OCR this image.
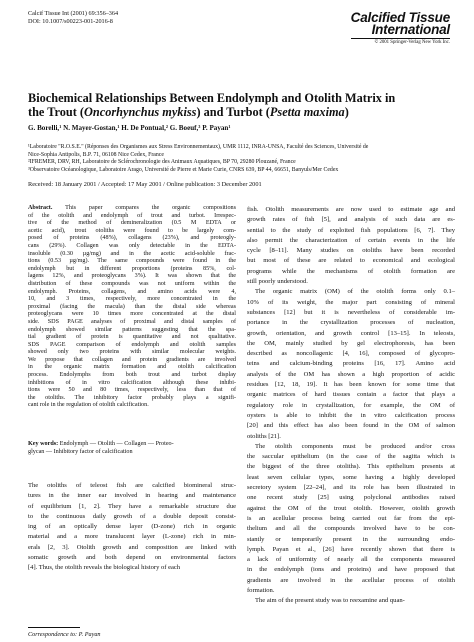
Calcif Tissue Int (2001) 69:356–364
DOI: 10.1007/s00223-001-2016-8	Calcified Tissue
International
© 2001 Springer-Verlag New York Inc.
Biochemical Relationships Between Endolymph and Otolith Matrix in
the Trout (Oncorhynchus mykiss) and Turbot (Psetta maxima)
G. Borelli,¹ N. Mayer-Gostan,¹ H. De Pontual,² G. Boeuf,³ P. Payan¹
¹Laboratoire "R.O.S.E." (Réponses des Organismes aux Stress Environnementaux), UMR 1112, INRA-UNSA, Faculté des Sciences, Université de
Nice-Sophia Antipolis, B.P. 71, 06108 Nice Cedex, France
²IFREMER, DRV, RH, Laboratoire de Sclérochronologie des Animaux Aquatiques, BP 70, 29280 Plouzané, France
³Observatoire Océanologique, Laboratoire Arago, Université de Pierre et Marie Curie, CNRS 639, BP 44, 66651, Banyuls/Mer Cedex
Received: 18 January 2001 / Accepted: 17 May 2001 / Online publication: 3 December 2001
Abstract. This paper compares the organic compositions
of the otolith and endolymph of trout and turbot. Irrespec-
tive of the method of demineralization (0.5 M EDTA or
acetic acid), trout otoliths were found to be largely com-
posed of proteins (48%), collagens (23%), and proteogly-
cans (29%). Collagen was only detectable in the EDTA-
insoluble (0.30 µg/mg) and in the acetic acid-soluble frac-
tions (0.53 µg/mg). The same compounds were found in the
endolymph but in different proportions (proteins 85%, col-
lagens 12%, and proteoglycans 3%). It was shown that the
distribution of these compounds was not uniform within the
endolymph. Proteins, collagens, and amino acids were 4,
10, and 3 times, respectively, more concentrated in the
proximal (facing the macula) than the distal side whereas
proteoglycans were 10 times more concentrated at the distal
side. SDS PAGE analyses of proximal and distal samples of
endolymph showed similar patterns suggesting that the spa-
tial gradient of protein is quantitative and not qualitative.
SDS PAGE comparison of endolymph and otolith samples
showed only two proteins with similar molecular weights.
We propose that collagen and protein gradients are involved
in the organic matrix formation and otolith calcification
process. Endolymphs from both trout and turbot display
inhibitions of in vitro calcification although these inhibi-
tions were 50 and 80 times, respectively, less than that of
the otoliths. The inhibitory factor probably plays a signifi-
cant role in the regulation of otolith calcification.
Key words: Endolymph — Otolith — Collagen — Proteo-
glycan — Inhibitory factor of calcification
The otoliths of teleost fish are calcified biomineral struc-
tures in the inner ear involved in hearing and maintenance
of equilibrium [1, 2]. They have a remarkable structure due
to the continuous daily growth of a double deposit consist-
ing of an optically dense layer (D-zone) rich in organic
material and a more translucent layer (L-zone) rich in min-
erals [2, 3]. Otolith growth and composition are linked with
somatic growth and both depend on environmental factors
[4]. Thus, the otolith reveals the biological history of each
Correspondence to: P. Payan
fish. Otolith measurements are now used to estimate age and
growth rates of fish [5], and analysis of such data are es-
sential to the study of exploited fish populations [6, 7]. They
also permit the characterization of certain events in the life
cycle [8–11]. Many studies on otoliths have been recorded
but most of these are related to economical and ecological
programs while the mechanisms of otolith formation are
still poorly understood.
The organic matrix (OM) of the otolith forms only 0.1–
10% of its weight, the major part consisting of mineral
substances [12] but it is nevertheless of considerable im-
portance in the crystallization processes of nucleation,
growth, orientation, and growth control [13–15]. In teleosts,
the OM, mainly studied by gel electrophoresis, has been
described as noncollagenic [4, 16], composed of glycopro-
teins and calcium-binding proteins [16, 17]. Amino acid
analysis of the OM has shown a high proportion of acidic
residues [12, 18, 19]. It has been known for some time that
organic matrices of hard tissues contain a factor that plays a
regulatory role in crystallization, for example, the OM of
oysters is able to inhibit the in vitro calcification process
[20] and this effect has also been found in the OM of salmon
otoliths [21].
The otolith components must be produced and/or cross
the saccular epithelium (in the case of the sagitta which is
the biggest of the three otoliths). This epithelium presents at
least seven cellular types, some having a highly developed
secretory system [22–24], and its role has been illustrated in
one recent study [25] using polyclonal antibodies raised
against the OM of the trout otolith. However, otolith growth
is an acellular process being carried out far from the epi-
thelium and all the compounds involved have to be con-
stantly or temporarily present in the surrounding endo-
lymph. Payan et al., [26] have recently shown that there is
a lack of uniformity of nearly all the components measured
in the endolymph (ions and proteins) and have proposed that
gradients are involved in the acellular process of otolith
formation.
The aim of the present study was to reexamine and quan-
